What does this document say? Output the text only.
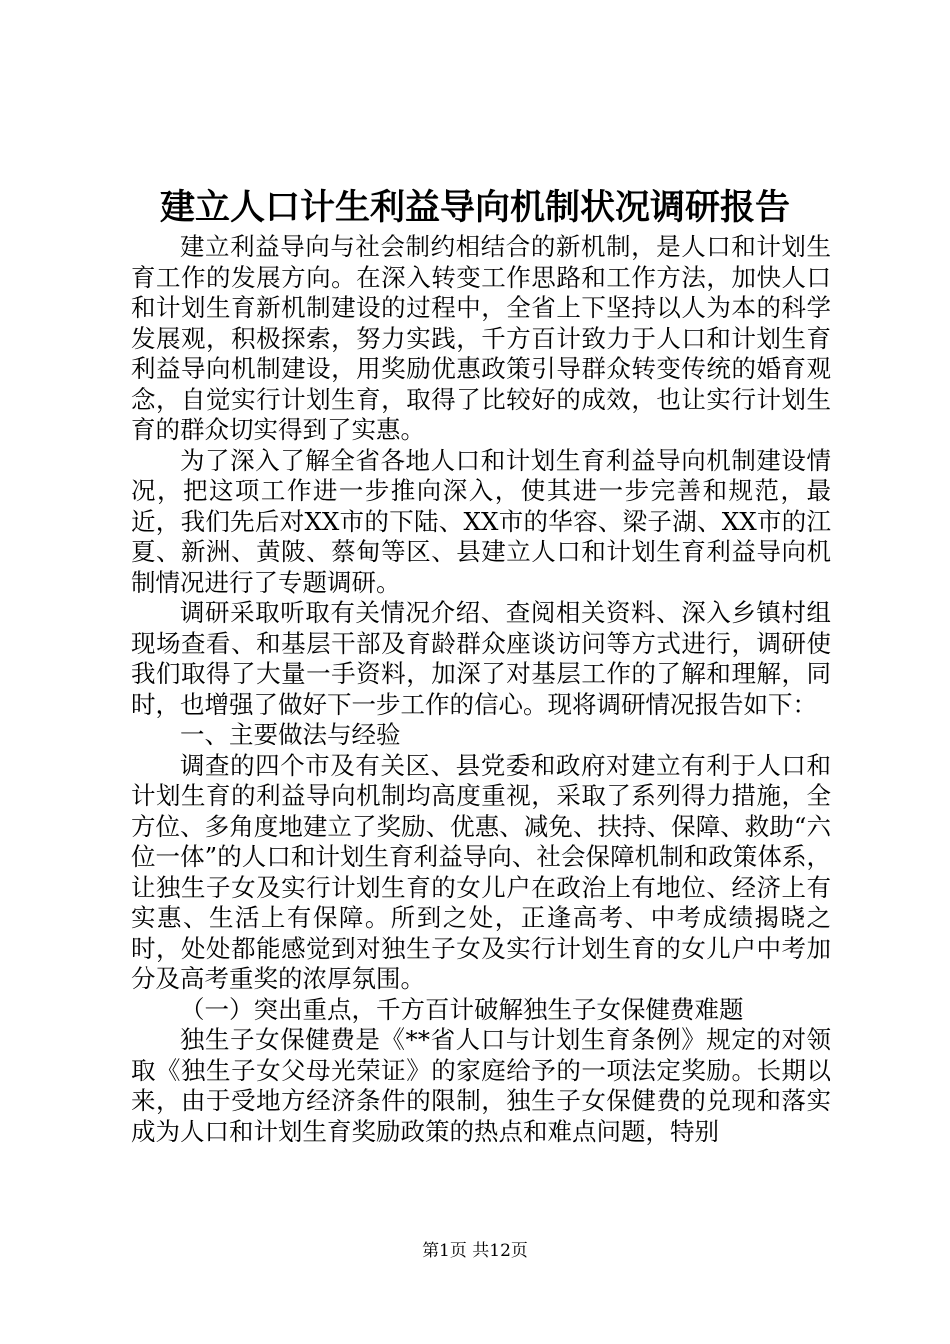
建立人口计生利益导向机制状况调研报告

建立利益导向与社会制约相结合的新机制，是人口和计划生育工作的发展方向。在深入转变工作思路和工作方法，加快人口和计划生育新机制建设的过程中，全省上下坚持以人为本的科学发展观，积极探索，努力实践，千方百计致力于人口和计划生育利益导向机制建设，用奖励优惠政策引导群众转变传统的婚育观念，自觉实行计划生育，取得了比较好的成效，也让实行计划生育的群众切实得到了实惠。

为了深入了解全省各地人口和计划生育利益导向机制建设情况，把这项工作进一步推向深入，使其进一步完善和规范，最近，我们先后对XX市的下陆、XX市的华容、梁子湖、XX市的江夏、新洲、黄陂、蔡甸等区、县建立人口和计划生育利益导向机制情况进行了专题调研。

调研采取听取有关情况介绍、查阅相关资料、深入乡镇村组现场查看、和基层干部及育龄群众座谈访问等方式进行，调研使我们取得了大量一手资料，加深了对基层工作的了解和理解，同时，也增强了做好下一步工作的信心。现将调研情况报告如下：

一、主要做法与经验

调查的四个市及有关区、县党委和政府对建立有利于人口和计划生育的利益导向机制均高度重视，采取了系列得力措施，全方位、多角度地建立了奖励、优惠、减免、扶持、保障、救助“六位一体”的人口和计划生育利益导向、社会保障机制和政策体系，让独生子女及实行计划生育的女儿户在政治上有地位、经济上有实惠、生活上有保障。所到之处，正逢高考、中考成绩揭晓之时，处处都能感觉到对独生子女及实行计划生育的女儿户中考加分及高考重奖的浓厚氛围。

（一）突出重点，千方百计破解独生子女保健费难题

独生子女保健费是《**省人口与计划生育条例》规定的对领取《独生子女父母光荣证》的家庭给予的一项法定奖励。长期以来，由于受地方经济条件的限制，独生子女保健费的兑现和落实成为人口和计划生育奖励政策的热点和难点问题，特别

第1页 共12页
